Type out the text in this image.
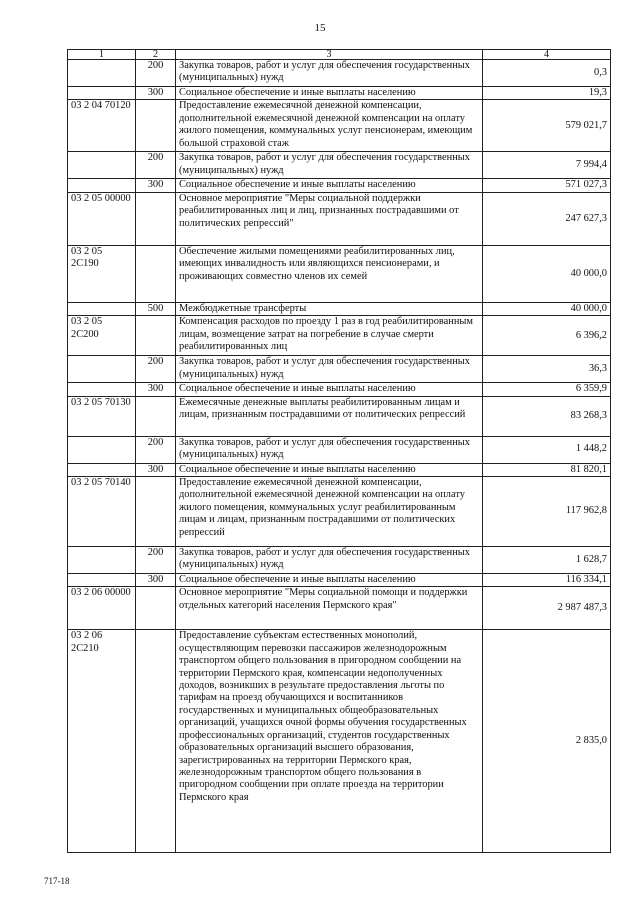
15
1	2	3	4
	200	Закупка товаров, работ и услуг для обеспечения государственных (муниципальных) нужд	0,3
	300	Социальное обеспечение и иные выплаты населению	19,3
03 2 04 70120		Предоставление ежемесячной денежной компенсации, дополнительной ежемесячной денежной компенсации на оплату жилого помещения, коммунальных услуг пенсионерам, имеющим большой страховой стаж	579 021,7
	200	Закупка товаров, работ и услуг для обеспечения государственных (муниципальных) нужд	7 994,4
	300	Социальное обеспечение и иные выплаты населению	571 027,3
03 2 05 00000		Основное мероприятие "Меры социальной поддержки реабилитированных лиц и лиц, признанных пострадавшими от политических репрессий"	247 627,3
03 2 05 2С190		Обеспечение жилыми помещениями реабилитированных лиц, имеющих инвалидность или являющихся пенсионерами, и проживающих совместно членов их семей	40 000,0
	500	Межбюджетные трансферты	40 000,0
03 2 05 2С200		Компенсация расходов по проезду 1 раз в год реабилитированным лицам, возмещение затрат на погребение в случае смерти реабилитированных лиц	6 396,2
	200	Закупка товаров, работ и услуг для обеспечения государственных (муниципальных) нужд	36,3
	300	Социальное обеспечение и иные выплаты населению	6 359,9
03 2 05 70130		Ежемесячные денежные выплаты реабилитированным лицам и лицам, признанным пострадавшими от политических репрессий	83 268,3
	200	Закупка товаров, работ и услуг для обеспечения государственных (муниципальных) нужд	1 448,2
	300	Социальное обеспечение и иные выплаты населению	81 820,1
03 2 05 70140		Предоставление ежемесячной денежной компенсации, дополнительной ежемесячной денежной компенсации на оплату жилого помещения, коммунальных услуг реабилитированным лицам и лицам, признанным пострадавшими от политических репрессий	117 962,8
	200	Закупка товаров, работ и услуг для обеспечения государственных (муниципальных) нужд	1 628,7
	300	Социальное обеспечение и иные выплаты населению	116 334,1
03 2 06 00000		Основное мероприятие "Меры социальной помощи и поддержки отдельных категорий населения Пермского края"	2 987 487,3
03 2 06 2С210		Предоставление субъектам естественных монополий, осуществляющим перевозки пассажиров железнодорожным транспортом общего пользования в пригородном сообщении на территории Пермского края, компенсации недополученных доходов, возникших в результате предоставления льготы по тарифам на проезд обучающихся и воспитанников государственных и муниципальных общеобразовательных организаций, учащихся очной формы обучения государственных профессиональных организаций, студентов государственных образовательных организаций высшего образования, зарегистрированных на территории Пермского края, железнодорожным транспортом общего пользования в пригородном сообщении при оплате проезда на территории Пермского края	2 835,0
717-18
